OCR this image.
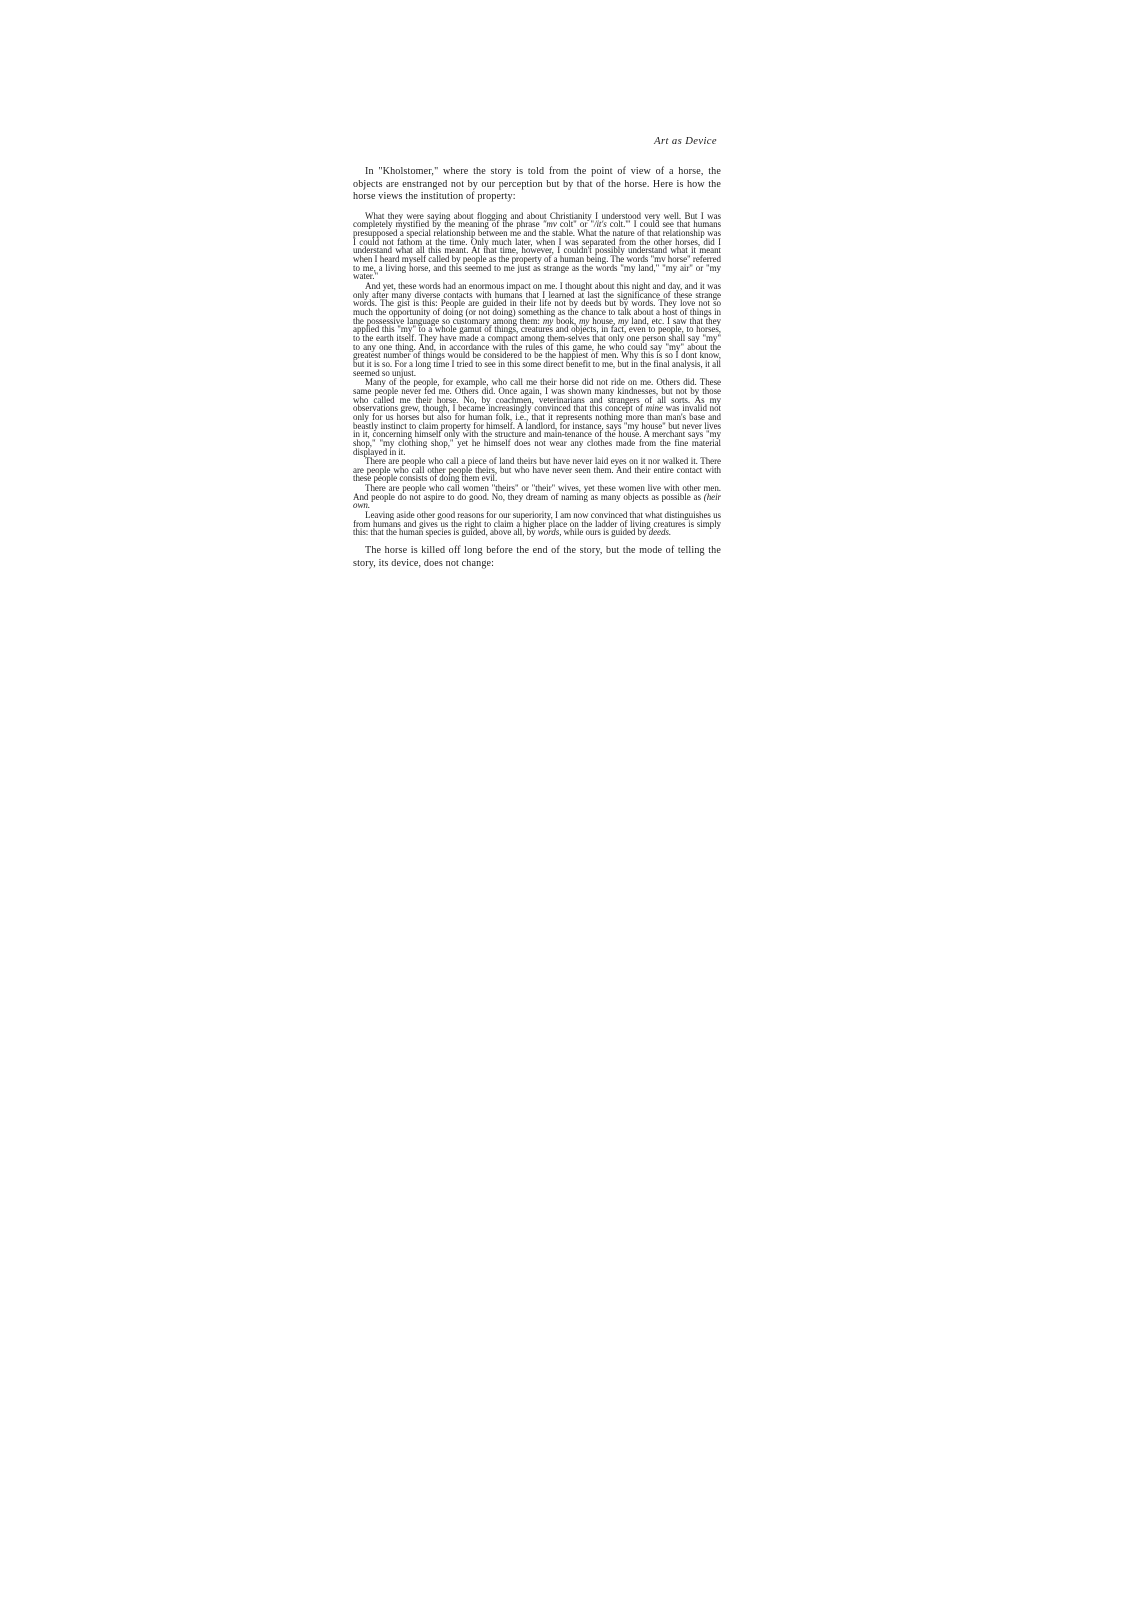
Art as Device

In "Kholstomer," where the story is told from the point of view of a horse, the objects are enstranged not by our perception but by that of the horse. Here is how the horse views the institution of property:

What they were saying about flogging and about Christianity I understood very well. But I was completely mystified by the meaning of the phrase "mv colt" or "/it's colt."' I could see that humans presupposed a special relationship between me and the stable. What the nature of that relationship was I could not fathom at the time. Only much later, when I was separated from the other horses, did I understand what all this meant. At that time, however, I couldn't possibly understand what it meant when I heard myself called by people as the property of a human being. The words "mv horse" referred to me, a living horse, and this seemed to me just as strange as the words "my land," "my air" or "my water."

And yet, these words had an enormous impact on me. I thought about this night and day, and it was only after many diverse contacts with humans that I learned at last the significance of these strange words. The gist is this: People are guided in their life not by deeds but by words. They love not so much the opportunity of doing (or not doing) something as the chance to talk about a host of things in the possessive language so customary among them: my book, my house, my land, etc. I saw that they applied this "my" to a whole gamut of things, creatures and objects, in fact, even to people, to horses, to the earth itself. They have made a compact among them-selves that only one person shall say "my" to any one thing. And, in accordance with the rules of this game, he who could say "my" about the greatest number of things would be considered to be the happiest of men. Why this is so I dont know, but it is so. For a long time I tried to see in this some direct benefit to me, but in the final analysis, it all seemed so unjust.

Many of the people, for example, who call me their horse did not ride on me. Others did. These same people never fed me. Others did. Once again, I was shown many kindnesses, but not by those who called me their horse. No, by coachmen, veterinarians and strangers of all sorts. As my observations grew, though, I became increasingly convinced that this concept of mine was invalid not only for us horses but also for human folk, i.e., that it represents nothing more than man's base and beastly instinct to claim property for himself. A landlord, for instance, says "my house" but never lives in it, concerning himself only with the structure and main-tenance of the house. A merchant says "my shop," "my clothing shop," yet he himself does not wear any clothes made from the fine material displayed in it.

There are people who call a piece of land theirs but have never laid eyes on it nor walked it. There are people who call other people theirs, but who have never seen them. And their entire contact with these people consists of doing them evil.

There are people who call women "theirs" or "their" wives, yet these women live with other men. And people do not aspire to do good. No, they dream of naming as many objects as possible as (heir own.

Leaving aside other good reasons for our superiority, I am now convinced that what distinguishes us from humans and gives us the right to claim a higher place on the ladder of living creatures is simply this: that the human species is guided, above all, by words, while ours is guided by deeds.

The horse is killed off long before the end of the story, but the mode of telling the story, its device, does not change:
